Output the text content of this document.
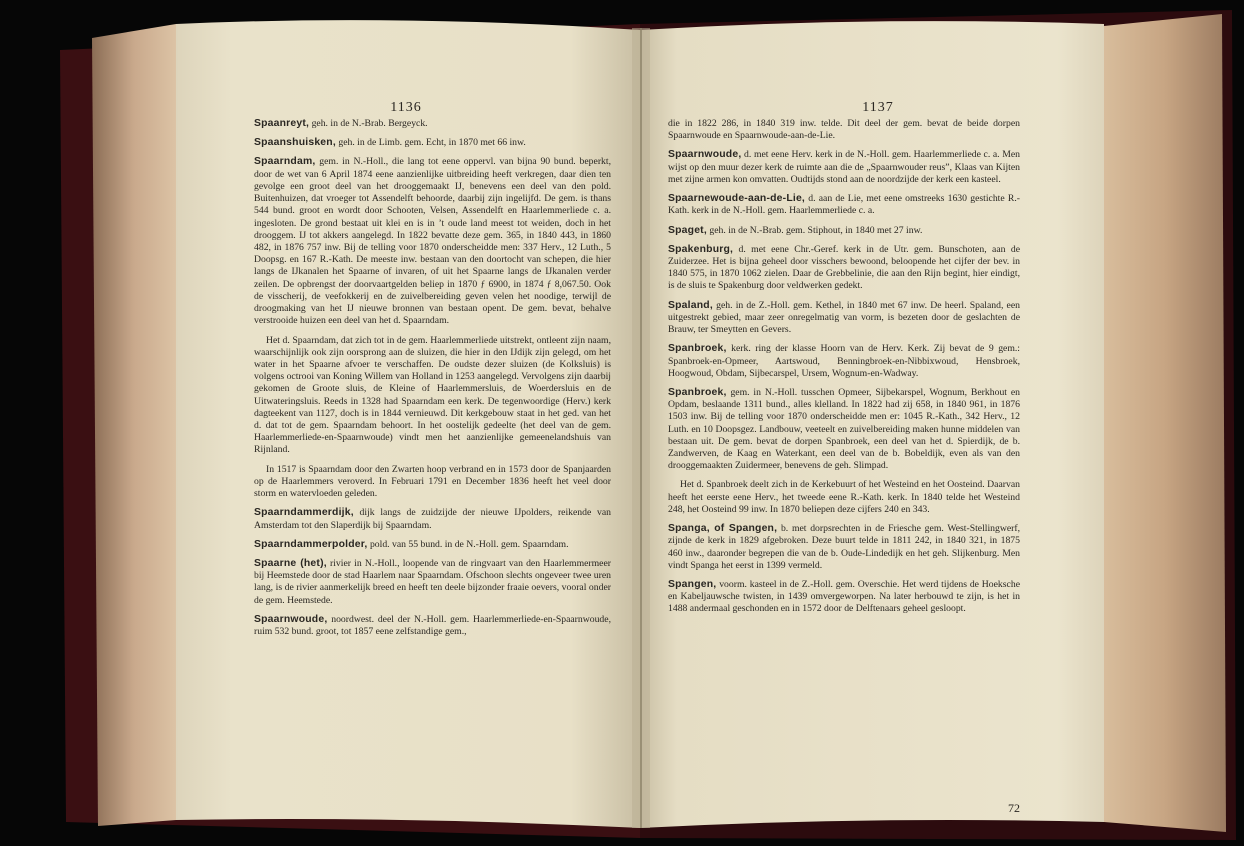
1136

Spaanreyt, geh. in de N.-Brab. Bergeyck.

Spaanshuisken, geh. in de Limb. gem. Echt, in 1870 met 66 inw.

Spaarndam, gem. in N.-Holl., die lang tot eene oppervl. van bijna 90 bund. beperkt, door de wet van 6 April 1874 eene aanzienlijke uitbreiding heeft verkregen, daar dien ten gevolge een groot deel van het drooggemaakt IJ, benevens een deel van den pold. Buitenhuizen, dat vroeger tot Assendelft behoorde, daarbij zijn ingelijfd. De gem. is thans 544 bund. groot en wordt door Schooten, Velsen, Assendelft en Haarlemmerliede c. a. ingesloten. De grond bestaat uit klei en is in ’t oude land meest tot weiden, doch in het drooggem. IJ tot akkers aangelegd. In 1822 bevatte deze gem. 365, in 1840 443, in 1860 482, in 1876 757 inw. Bij de telling voor 1870 onderscheidde men: 337 Herv., 12 Luth., 5 Doopsg. en 167 R.-Kath. De meeste inw. bestaan van den doortocht van schepen, die hier langs de IJkanalen het Spaarne of invaren, of uit het Spaarne langs de IJkanalen verder zeilen. De opbrengst der doorvaartgelden beliep in 1870 ƒ 6900, in 1874 ƒ 8,067.50. Ook de visscherij, de veefokkerij en de zuivelbereiding geven velen het noodige, terwijl de droogmaking van het IJ nieuwe bronnen van bestaan opent. De gem. bevat, behalve verstrooide huizen een deel van het d. Spaarndam.

Het d. Spaarndam, dat zich tot in de gem. Haarlemmerliede uitstrekt, ontleent zijn naam, waarschijnlijk ook zijn oorsprong aan de sluizen, die hier in den IJdijk zijn gelegd, om het water in het Spaarne afvoer te verschaffen. De oudste dezer sluizen (de Kolksluis) is volgens octrooi van Koning Willem van Holland in 1253 aangelegd. Vervolgens zijn daarbij gekomen de Groote sluis, de Kleine of Haarlemmersluis, de Woerdersluis en de Uitwateringsluis. Reeds in 1328 had Spaarndam een kerk. De tegenwoordige (Herv.) kerk dagteekent van 1127, doch is in 1844 vernieuwd. Dit kerkgebouw staat in het ged. van het d. dat tot de gem. Spaarndam behoort. In het oostelijk gedeelte (het deel van de gem. Haarlemmerliede-en-Spaarnwoude) vindt men het aanzienlijke gemeenelandshuis van Rijnland.

In 1517 is Spaarndam door den Zwarten hoop verbrand en in 1573 door de Spanjaarden op de Haarlemmers veroverd. In Februari 1791 en December 1836 heeft het veel door storm en watervloeden geleden.

Spaarndammerdijk, dijk langs de zuidzijde der nieuwe IJpolders, reikende van Amsterdam tot den Slaperdijk bij Spaarndam.

Spaarndammerpolder, pold. van 55 bund. in de N.-Holl. gem. Spaarndam.

Spaarne (het), rivier in N.-Holl., loopende van de ringvaart van den Haarlemmermeer bij Heemstede door de stad Haarlem naar Spaarndam. Ofschoon slechts ongeveer twee uren lang, is de rivier aanmerkelijk breed en heeft ten deele bijzonder fraaie oevers, vooral onder de gem. Heemstede.

Spaarnwoude, noordwest. deel der N.-Holl. gem. Haarlemmerliede-en-Spaarnwoude, ruim 532 bund. groot, tot 1857 eene zelfstandige gem.,

1137

die in 1822 286, in 1840 319 inw. telde. Dit deel der gem. bevat de beide dorpen Spaarnwoude en Spaarnwoude-aan-de-Lie.

Spaarnwoude, d. met eene Herv. kerk in de N.-Holl. gem. Haarlemmerliede c. a. Men wijst op den muur dezer kerk de ruimte aan die de „Spaarnwouder reus”, Klaas van Kijten met zijne armen kon omvatten. Oudtijds stond aan de noordzijde der kerk een kasteel.

Spaarnewoude-aan-de-Lie, d. aan de Lie, met eene omstreeks 1630 gestichte R.-Kath. kerk in de N.-Holl. gem. Haarlemmerliede c. a.

Spaget, geh. in de N.-Brab. gem. Stiphout, in 1840 met 27 inw.

Spakenburg, d. met eene Chr.-Geref. kerk in de Utr. gem. Bunschoten, aan de Zuiderzee. Het is bijna geheel door visschers bewoond, beloopende het cijfer der bev. in 1840 575, in 1870 1062 zielen. Daar de Grebbelinie, die aan den Rijn begint, hier eindigt, is de sluis te Spakenburg door veldwerken gedekt.

Spaland, geh. in de Z.-Holl. gem. Kethel, in 1840 met 67 inw. De heerl. Spaland, een uitgestrekt gebied, maar zeer onregelmatig van vorm, is bezeten door de geslachten de Brauw, ter Smeytten en Gevers.

Spanbroek, kerk. ring der klasse Hoorn van de Herv. Kerk. Zij bevat de 9 gem.: Spanbroek-en-Opmeer, Aartswoud, Benningbroek-en-Nibbixwoud, Hensbroek, Hoogwoud, Obdam, Sijbecarspel, Ursem, Wognum-en-Wadway.

Spanbroek, gem. in N.-Holl. tusschen Opmeer, Sijbekarspel, Wognum, Berkhout en Opdam, beslaande 1311 bund., alles klelland. In 1822 had zij 658, in 1840 961, in 1876 1503 inw. Bij de telling voor 1870 onderscheidde men er: 1045 R.-Kath., 342 Herv., 12 Luth. en 10 Doopsgez. Landbouw, veeteelt en zuivelbereiding maken hunne middelen van bestaan uit. De gem. bevat de dorpen Spanbroek, een deel van het d. Spierdijk, de b. Zandwerven, de Kaag en Waterkant, een deel van de b. Bobeldijk, even als van den drooggemaakten Zuidermeer, benevens de geh. Slimpad.

Het d. Spanbroek deelt zich in de Kerkebuurt of het Westeind en het Oosteind. Daarvan heeft het eerste eene Herv., het tweede eene R.-Kath. kerk. In 1840 telde het Westeind 248, het Oosteind 99 inw. In 1870 beliepen deze cijfers 240 en 343.

Spanga, of Spangen, b. met dorpsrechten in de Friesche gem. West-Stellingwerf, zijnde de kerk in 1829 afgebroken. Deze buurt telde in 1811 242, in 1840 321, in 1875 460 inw., daaronder begrepen die van de b. Oude-Lindedijk en het geh. Slijkenburg. Men vindt Spanga het eerst in 1399 vermeld.

Spangen, voorm. kasteel in de Z.-Holl. gem. Overschie. Het werd tijdens de Hoeksche en Kabeljauwsche twisten, in 1439 omvergeworpen. Na later herbouwd te zijn, is het in 1488 andermaal geschonden en in 1572 door de Delftenaars geheel gesloopt.

72
